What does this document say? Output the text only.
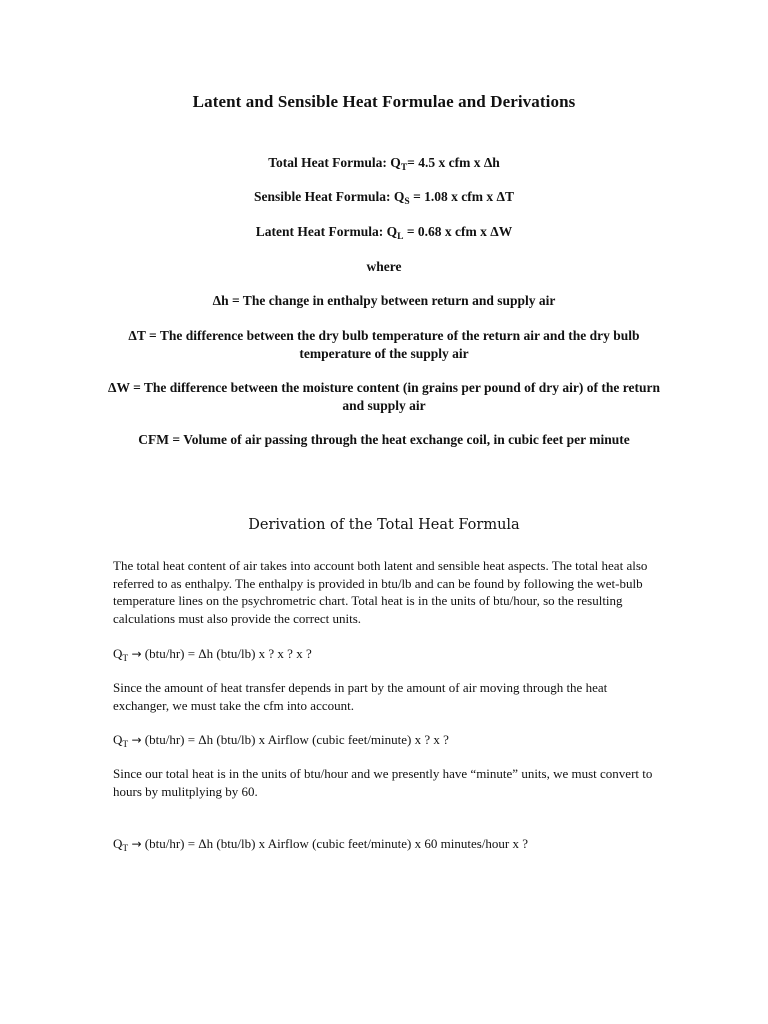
Latent and Sensible Heat Formulae and Derivations
Total Heat Formula: $Q_T= 4.5$ x cfm x Δh
Sensible Heat Formula: $Q_S = 1.08$ x cfm x ΔT
Latent Heat Formula: $Q_L = 0.68$ x cfm x ΔW
where
Δh = The change in enthalpy between return and supply air
ΔT = The difference between the dry bulb temperature of the return air and the dry bulb temperature of the supply air
ΔW = The difference between the moisture content (in grains per pound of dry air) of the return and supply air
CFM = Volume of air passing through the heat exchange coil, in cubic feet per minute
Derivation of the Total Heat Formula
The total heat content of air takes into account both latent and sensible heat aspects. The total heat also referred to as enthalpy. The enthalpy is provided in btu/lb and can be found by following the wet-bulb temperature lines on the psychrometric chart. Total heat is in the units of btu/hour, so the resulting calculations must also provide the correct units.
$Q_T \to (btu/hr) = \Delta h$ (btu/lb) x ? x ? x ?
Since the amount of heat transfer depends in part by the amount of air moving through the heat exchanger, we must take the cfm into account.
$Q_T \to (btu/hr) = \Delta h$ (btu/lb) x Airflow (cubic feet/minute) x ? x ?
Since our total heat is in the units of btu/hour and we presently have “minute” units, we must convert to hours by mulitplying by 60.
$Q_T \to (btu/hr) = \Delta h$ (btu/lb) x Airflow (cubic feet/minute) x 60 minutes/hour x ?
